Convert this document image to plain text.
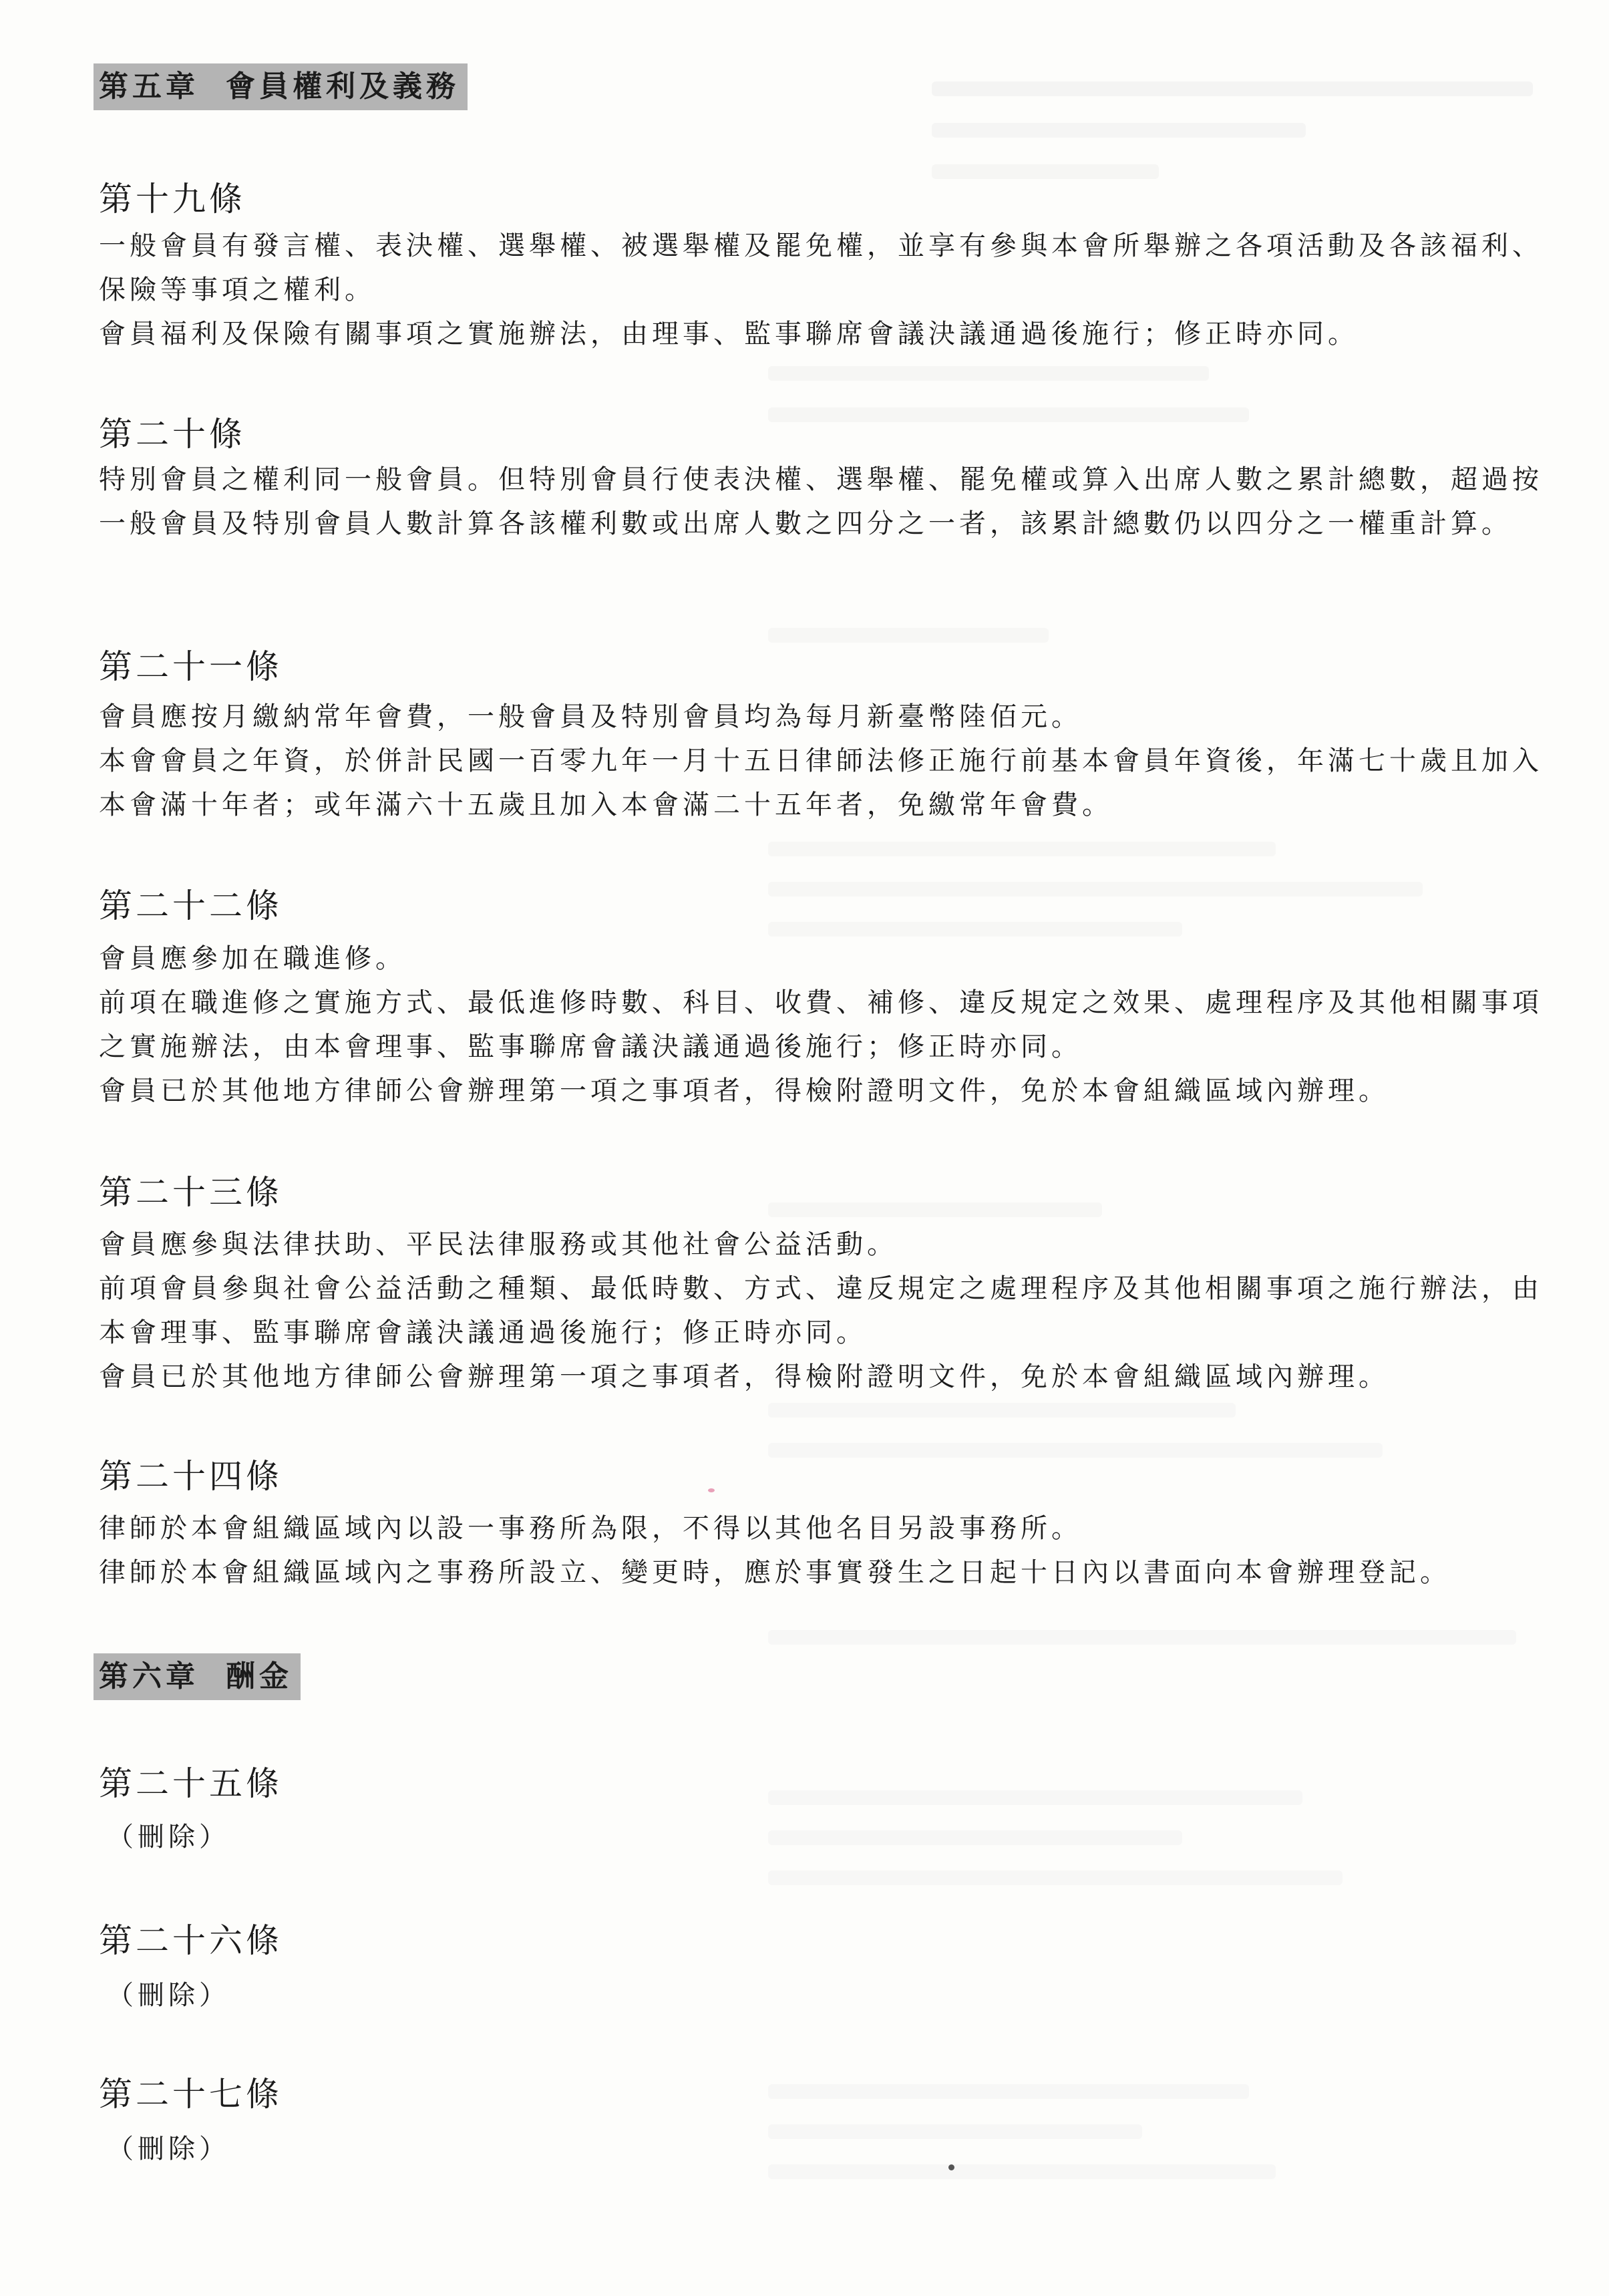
第五章 會員權利及義務
第十九條

一般會員有發言權、表決權、選舉權、被選舉權及罷免權，並享有參與本會所舉辦之各項活動及各該福利、保險等事項之權利。

會員福利及保險有關事項之實施辦法，由理事、監事聯席會議決議通過後施行；修正時亦同。

第二十條

特別會員之權利同一般會員。但特別會員行使表決權、選舉權、罷免權或算入出席人數之累計總數，超過按一般會員及特別會員人數計算各該權利數或出席人數之四分之一者，該累計總數仍以四分之一權重計算。

第二十一條

會員應按月繳納常年會費，一般會員及特別會員均為每月新臺幣陸佰元。

本會會員之年資，於併計民國一百零九年一月十五日律師法修正施行前基本會員年資後，年滿七十歲且加入本會滿十年者；或年滿六十五歲且加入本會滿二十五年者，免繳常年會費。

第二十二條

會員應參加在職進修。

前項在職進修之實施方式、最低進修時數、科目、收費、補修、違反規定之效果、處理程序及其他相關事項之實施辦法，由本會理事、監事聯席會議決議通過後施行；修正時亦同。

會員已於其他地方律師公會辦理第一項之事項者，得檢附證明文件，免於本會組織區域內辦理。

第二十三條

會員應參與法律扶助、平民法律服務或其他社會公益活動。

前項會員參與社會公益活動之種類、最低時數、方式、違反規定之處理程序及其他相關事項之施行辦法，由本會理事、監事聯席會議決議通過後施行；修正時亦同。

會員已於其他地方律師公會辦理第一項之事項者，得檢附證明文件，免於本會組織區域內辦理。

第二十四條

律師於本會組織區域內以設一事務所為限，不得以其他名目另設事務所。

律師於本會組織區域內之事務所設立、變更時，應於事實發生之日起十日內以書面向本會辦理登記。

第六章 酬金
第二十五條
（刪除）
第二十六條
（刪除）
第二十七條
（刪除）
